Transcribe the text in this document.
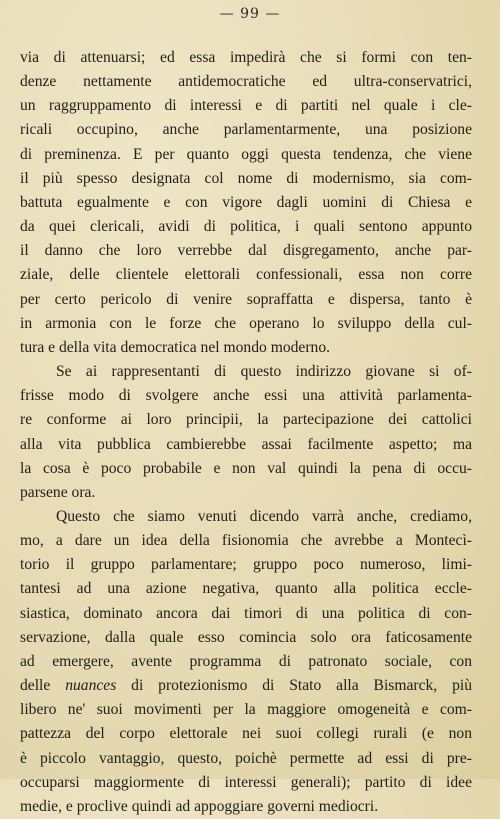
— 99 —
via di attenuarsi; ed essa impedirà che si formi con ten-
denze nettamente antidemocratiche ed ultra-conservatrici,
un raggruppamento di interessi e di partiti nel quale i cle-
ricali occupino, anche parlamentarmente, una posizione
di preminenza. E per quanto oggi questa tendenza, che viene
il più spesso designata col nome di modernismo, sia com-
battuta egualmente e con vigore dagli uomini di Chiesa e
da quei clericali, avidi di politica, i quali sentono appunto
il danno che loro verrebbe dal disgregamento, anche par-
ziale, delle clientele elettorali confessionali, essa non corre
per certo pericolo di venire sopraffatta e dispersa, tanto è
in armonia con le forze che operano lo sviluppo della cul-
tura e della vita democratica nel mondo moderno.
Se ai rappresentanti di questo indirizzo giovane si of-
frisse modo di svolgere anche essi una attività parlamenta-
re conforme ai loro principii, la partecipazione dei cattolici
alla vita pubblica cambierebbe assai facilmente aspetto; ma
la cosa è poco probabile e non val quindi la pena di occu-
parsene ora.
Questo che siamo venuti dicendo varrà anche, crediamo,
mo, a dare un idea della fisionomia che avrebbe a Montecì-
torio il gruppo parlamentare; gruppo poco numeroso, limi-
tantesi ad una azione negativa, quanto alla politica eccle-
siastica, dominato ancora dai timori di una politica di con-
servazione, dalla quale esso comincia solo ora faticosamente
ad emergere, avente programma di patronato sociale, con
delle nuances di protezionismo di Stato alla Bismarck, più
libero ne' suoi movimenti per la maggiore omogeneità e com-
pattezza del corpo elettorale nei suoi collegi rurali (e non
è piccolo vantaggio, questo, poichè permette ad essi di pre-
occuparsi maggiormente di interessi generali); partito di idee
medie, e proclive quindi ad appoggiare governi mediocri.
